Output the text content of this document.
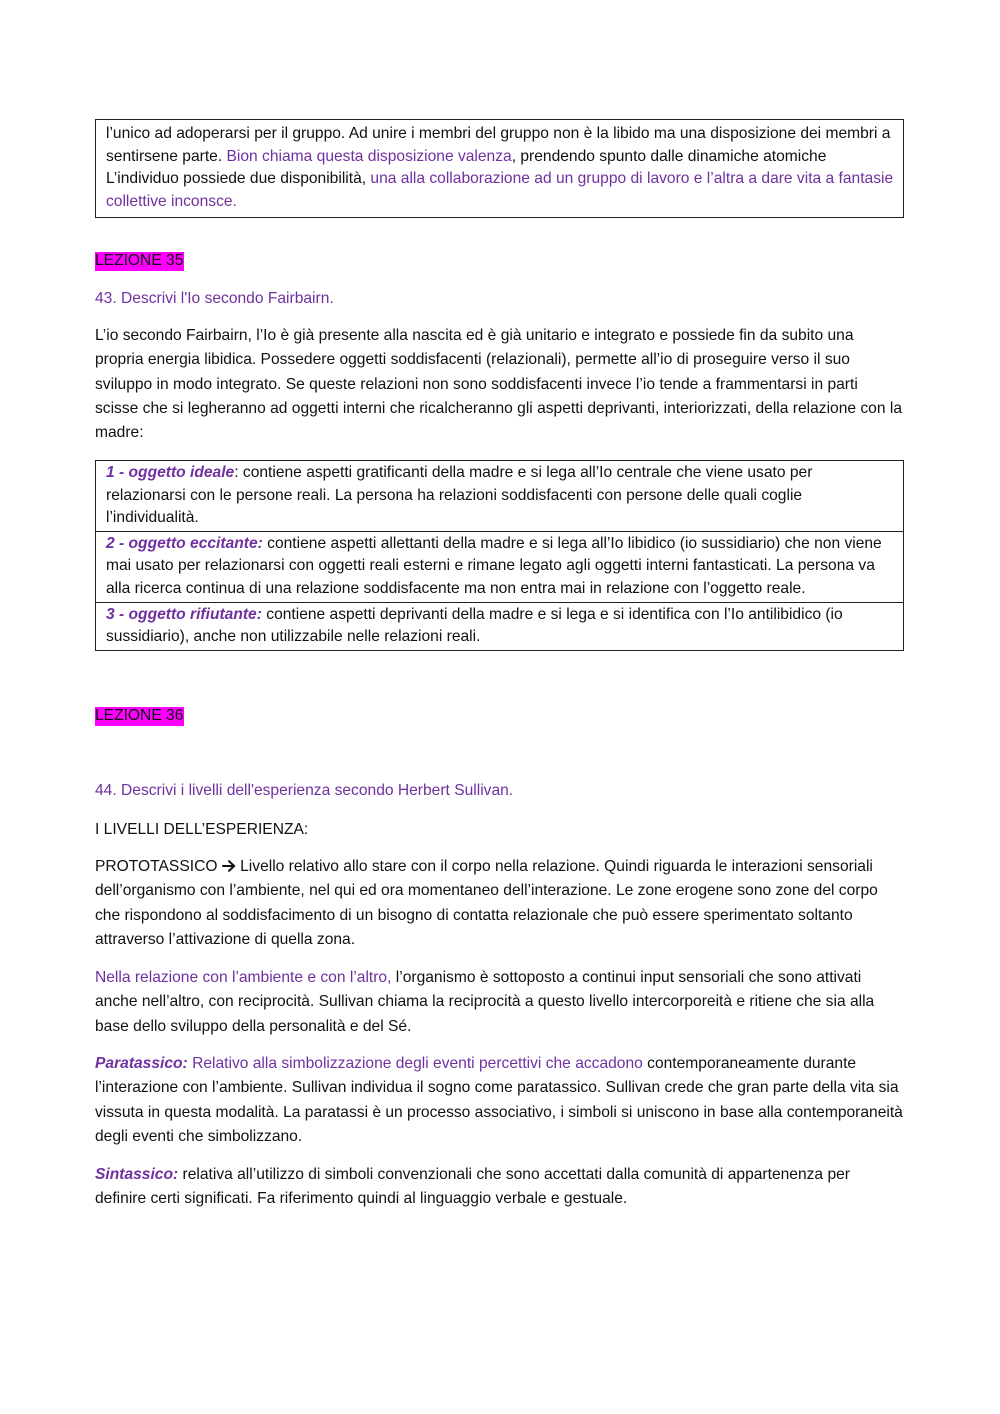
l’unico ad adoperarsi per il gruppo. Ad unire i membri del gruppo non è la libido ma una disposizione dei membri a sentirsene parte. Bion chiama questa disposizione valenza, prendendo spunto dalle dinamiche atomiche L’individuo possiede due disponibilità, una alla collaborazione ad un gruppo di lavoro e l’altra a dare vita a fantasie collettive inconsce.
LEZIONE 35

43. Descrivi l'Io secondo Fairbairn.

L’io secondo Fairbairn, l’Io è già presente alla nascita ed è già unitario e integrato e possiede fin da subito una propria energia libidica. Possedere oggetti soddisfacenti (relazionali), permette all’io di proseguire verso il suo sviluppo in modo integrato. Se queste relazioni non sono soddisfacenti invece l’io tende a frammentarsi in parti scisse che si legheranno ad oggetti interni che ricalcheranno gli aspetti deprivanti, interiorizzati, della relazione con la madre:

1 - oggetto ideale: contiene aspetti gratificanti della madre e si lega all’Io centrale che viene usato per relazionarsi con le persone reali. La persona ha relazioni soddisfacenti con persone delle quali coglie l’individualità.
2 - oggetto eccitante: contiene aspetti allettanti della madre e si lega all’Io libidico (io sussidiario) che non viene mai usato per relazionarsi con oggetti reali esterni e rimane legato agli oggetti interni fantasticati. La persona va alla ricerca continua di una relazione soddisfacente ma non entra mai in relazione con l’oggetto reale.
3 - oggetto rifiutante: contiene aspetti deprivanti della madre e si lega e si identifica con l’Io antilibidico (io sussidiario), anche non utilizzabile nelle relazioni reali.
LEZIONE 36

44. Descrivi i livelli dell'esperienza secondo Herbert Sullivan.

I LIVELLI DELL’ESPERIENZA:

PROTOTASSICO  Livello relativo allo stare con il corpo nella relazione. Quindi riguarda le interazioni sensoriali dell’organismo con l’ambiente, nel qui ed ora momentaneo dell’interazione. Le zone erogene sono zone del corpo che rispondono al soddisfacimento di un bisogno di contatta relazionale che può essere sperimentato soltanto attraverso l’attivazione di quella zona.

Nella relazione con l’ambiente e con l’altro, l’organismo è sottoposto a continui input sensoriali che sono attivati anche nell’altro, con reciprocità. Sullivan chiama la reciprocità a questo livello intercorporeità e ritiene che sia alla base dello sviluppo della personalità e del Sé.

Paratassico: Relativo alla simbolizzazione degli eventi percettivi che accadono contemporaneamente durante l’interazione con l’ambiente. Sullivan individua il sogno come paratassico. Sullivan crede che gran parte della vita sia vissuta in questa modalità. La paratassi è un processo associativo, i simboli si uniscono in base alla contemporaneità degli eventi che simbolizzano.

Sintassico: relativa all’utilizzo di simboli convenzionali che sono accettati dalla comunità di appartenenza per definire certi significati. Fa riferimento quindi al linguaggio verbale e gestuale.
